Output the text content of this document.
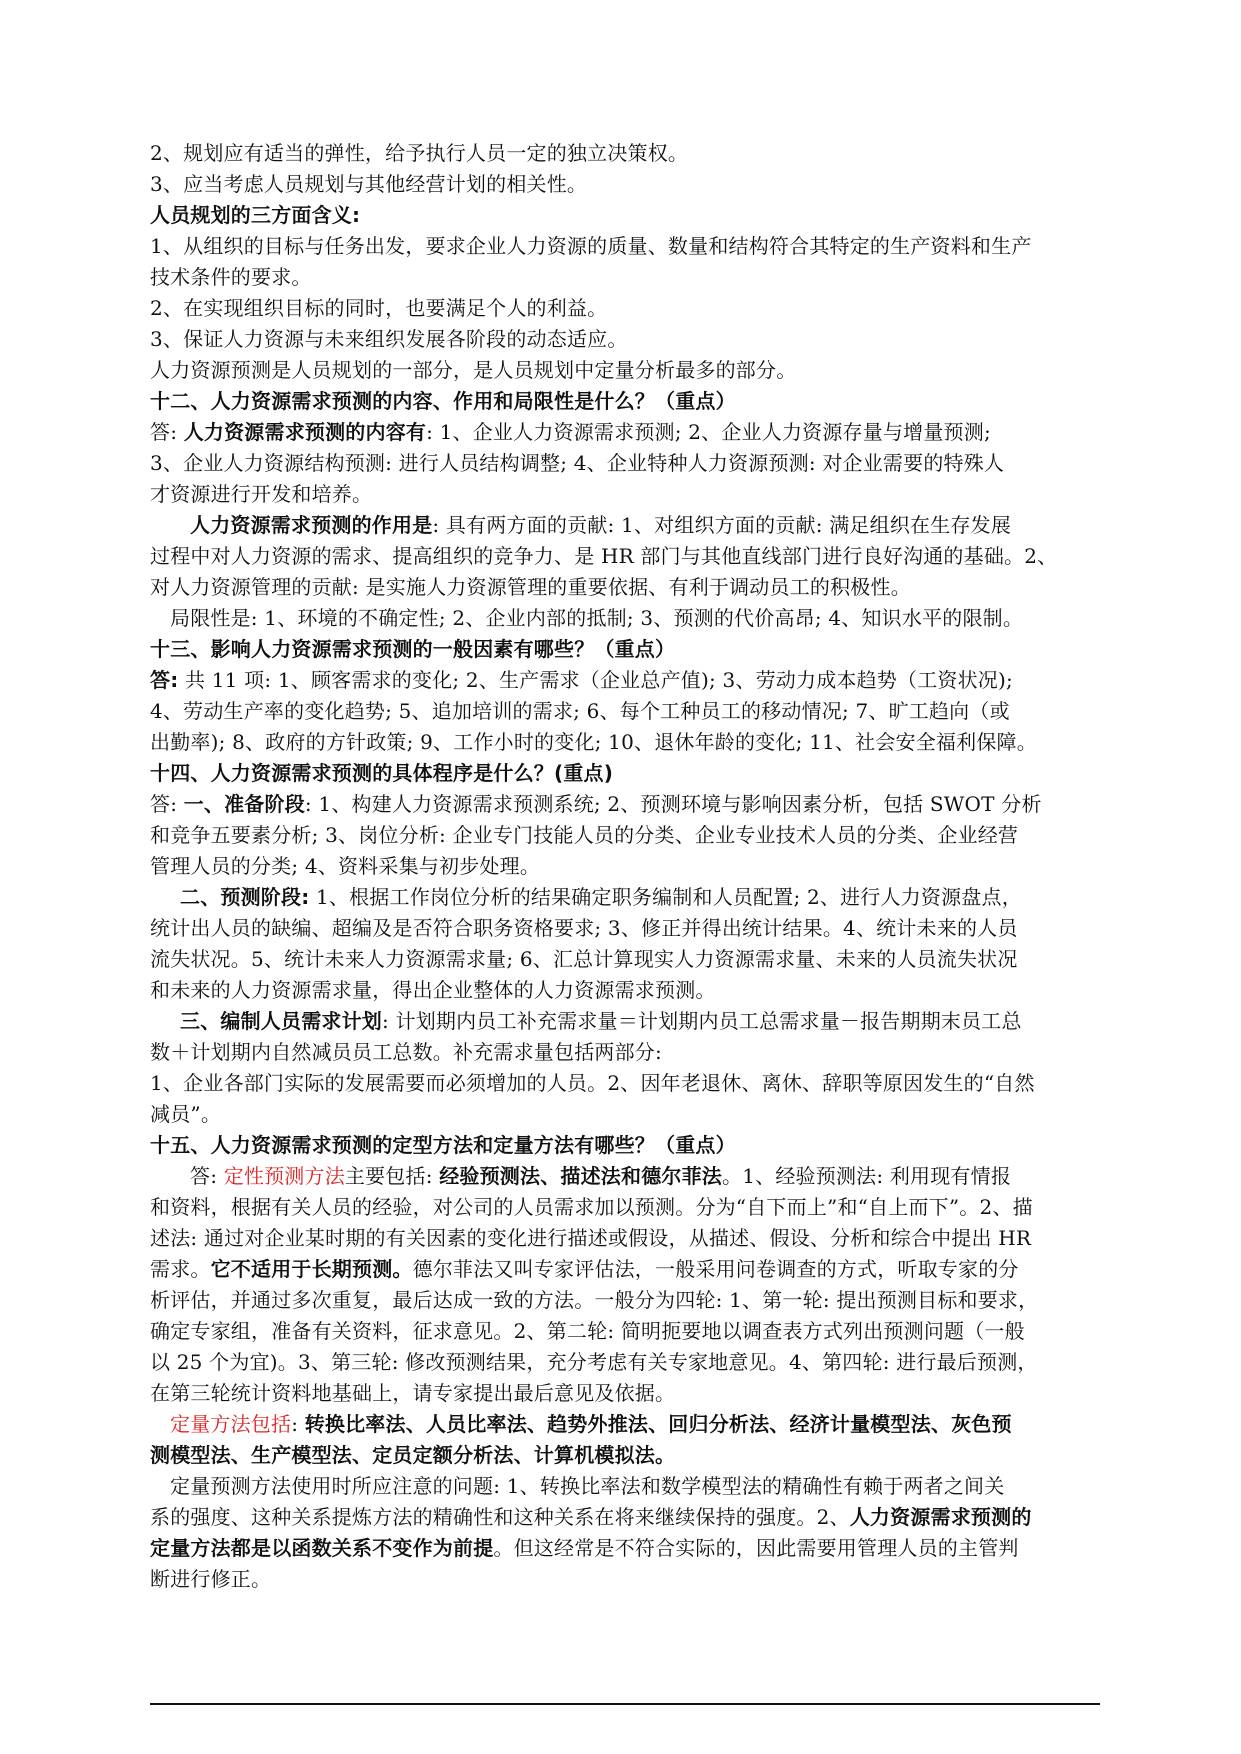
2、规划应有适当的弹性，给予执行人员一定的独立决策权。
3、应当考虑人员规划与其他经营计划的相关性。
人员规划的三方面含义:
1、从组织的目标与任务出发，要求企业人力资源的质量、数量和结构符合其特定的生产资料和生产
技术条件的要求。
2、在实现组织目标的同时，也要满足个人的利益。
3、保证人力资源与未来组织发展各阶段的动态适应。
人力资源预测是人员规划的一部分，是人员规划中定量分析最多的部分。
十二、人力资源需求预测的内容、作用和局限性是什么？（重点）
答: 人力资源需求预测的内容有: 1、企业人力资源需求预测; 2、企业人力资源存量与增量预测;
3、企业人力资源结构预测: 进行人员结构调整; 4、企业特种人力资源预测: 对企业需要的特殊人
才资源进行开发和培养。
人力资源需求预测的作用是: 具有两方面的贡献: 1、对组织方面的贡献: 满足组织在生存发展
过程中对人力资源的需求、提高组织的竞争力、是 HR 部门与其他直线部门进行良好沟通的基础。2、
对人力资源管理的贡献: 是实施人力资源管理的重要依据、有利于调动员工的积极性。
局限性是: 1、环境的不确定性; 2、企业内部的抵制; 3、预测的代价高昂; 4、知识水平的限制。
十三、影响人力资源需求预测的一般因素有哪些？（重点）
答: 共 11 项: 1、顾客需求的变化; 2、生产需求（企业总产值); 3、劳动力成本趋势（工资状况);
4、劳动生产率的变化趋势; 5、追加培训的需求; 6、每个工种员工的移动情况; 7、旷工趋向（或
出勤率); 8、政府的方针政策; 9、工作小时的变化; 10、退休年龄的变化; 11、社会安全福利保障。
十四、人力资源需求预测的具体程序是什么？(重点)
答: 一、准备阶段: 1、构建人力资源需求预测系统; 2、预测环境与影响因素分析，包括 SWOT 分析
和竞争五要素分析; 3、岗位分析: 企业专门技能人员的分类、企业专业技术人员的分类、企业经营
管理人员的分类; 4、资料采集与初步处理。
二、预测阶段: 1、根据工作岗位分析的结果确定职务编制和人员配置; 2、进行人力资源盘点，
统计出人员的缺编、超编及是否符合职务资格要求; 3、修正并得出统计结果。4、统计未来的人员
流失状况。5、统计未来人力资源需求量; 6、汇总计算现实人力资源需求量、未来的人员流失状况
和未来的人力资源需求量，得出企业整体的人力资源需求预测。
三、编制人员需求计划: 计划期内员工补充需求量＝计划期内员工总需求量－报告期期末员工总
数＋计划期内自然减员员工总数。补充需求量包括两部分:
1、企业各部门实际的发展需要而必须增加的人员。2、因年老退休、离休、辞职等原因发生的“自然
减员”。
十五、人力资源需求预测的定型方法和定量方法有哪些？（重点）
答: 定性预测方法主要包括: 经验预测法、描述法和德尔菲法。1、经验预测法: 利用现有情报
和资料，根据有关人员的经验，对公司的人员需求加以预测。分为“自下而上”和“自上而下”。2、描
述法: 通过对企业某时期的有关因素的变化进行描述或假设，从描述、假设、分析和综合中提出 HR
需求。它不适用于长期预测。德尔菲法又叫专家评估法，一般采用问卷调查的方式，听取专家的分
析评估，并通过多次重复，最后达成一致的方法。一般分为四轮: 1、第一轮: 提出预测目标和要求，
确定专家组，准备有关资料，征求意见。2、第二轮: 简明扼要地以调查表方式列出预测问题（一般
以 25 个为宜)。3、第三轮: 修改预测结果，充分考虑有关专家地意见。4、第四轮: 进行最后预测，
在第三轮统计资料地基础上，请专家提出最后意见及依据。
定量方法包括: 转换比率法、人员比率法、趋势外推法、回归分析法、经济计量模型法、灰色预
测模型法、生产模型法、定员定额分析法、计算机模拟法。
定量预测方法使用时所应注意的问题: 1、转换比率法和数学模型法的精确性有赖于两者之间关
系的强度、这种关系提炼方法的精确性和这种关系在将来继续保持的强度。2、人力资源需求预测的
定量方法都是以函数关系不变作为前提。但这经常是不符合实际的，因此需要用管理人员的主管判
断进行修正。
